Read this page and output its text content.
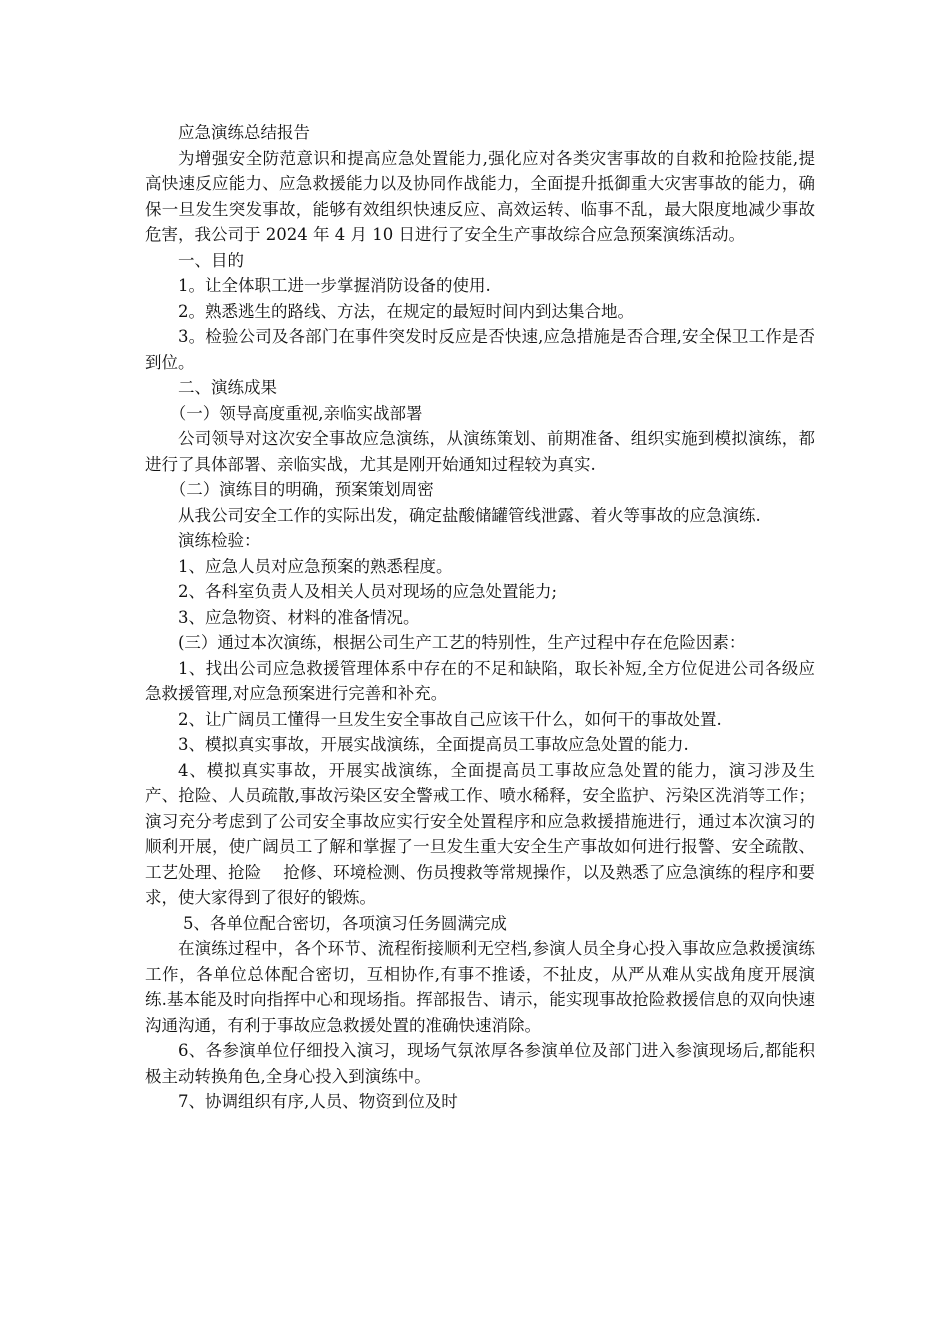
应急演练总结报告

为增强安全防范意识和提高应急处置能力,强化应对各类灾害事故的自救和抢险技能,提高快速反应能力、应急救援能力以及协同作战能力，全面提升抵御重大灾害事故的能力，确保一旦发生突发事故，能够有效组织快速反应、高效运转、临事不乱，最大限度地减少事故危害，我公司于 2024 年 4 月 10 日进行了安全生产事故综合应急预案演练活动。

一、目的

1。让全体职工进一步掌握消防设备的使用.

2。熟悉逃生的路线、方法，在规定的最短时间内到达集合地。

3。检验公司及各部门在事件突发时反应是否快速,应急措施是否合理,安全保卫工作是否到位。

二、演练成果

（一）领导高度重视,亲临实战部署

公司领导对这次安全事故应急演练，从演练策划、前期准备、组织实施到模拟演练，都进行了具体部署、亲临实战，尤其是刚开始通知过程较为真实.

（二）演练目的明确，预案策划周密

从我公司安全工作的实际出发，确定盐酸储罐管线泄露、着火等事故的应急演练.

演练检验：

1、应急人员对应急预案的熟悉程度。

2、各科室负责人及相关人员对现场的应急处置能力;

3、应急物资、材料的准备情况。

(三）通过本次演练，根据公司生产工艺的特别性，生产过程中存在危险因素：

1、找出公司应急救援管理体系中存在的不足和缺陷，取长补短,全方位促进公司各级应急救援管理,对应急预案进行完善和补充。

2、让广阔员工懂得一旦发生安全事故自己应该干什么，如何干的事故处置.

3、模拟真实事故，开展实战演练，全面提高员工事故应急处置的能力.

4、模拟真实事故，开展实战演练，全面提高员工事故应急处置的能力，演习涉及生产、抢险、人员疏散,事故污染区安全警戒工作、喷水稀释，安全监护、污染区洗消等工作；演习充分考虑到了公司安全事故应实行安全处置程序和应急救援措施进行，通过本次演习的顺利开展，使广阔员工了解和掌握了一旦发生重大安全生产事故如何进行报警、安全疏散、工艺处理、抢险　 抢修、环境检测、伤员搜救等常规操作，以及熟悉了应急演练的程序和要求，使大家得到了很好的锻炼。

5、各单位配合密切，各项演习任务圆满完成

在演练过程中，各个环节、流程衔接顺利无空档,参演人员全身心投入事故应急救援演练工作，各单位总体配合密切，互相协作,有事不推诿，不扯皮，从严从难从实战角度开展演练.基本能及时向指挥中心和现场指。挥部报告、请示，能实现事故抢险救援信息的双向快速沟通沟通，有利于事故应急救援处置的准确快速消除。

6、各参演单位仔细投入演习，现场气氛浓厚各参演单位及部门进入参演现场后,都能积极主动转换角色,全身心投入到演练中。

7、协调组织有序,人员、物资到位及时
